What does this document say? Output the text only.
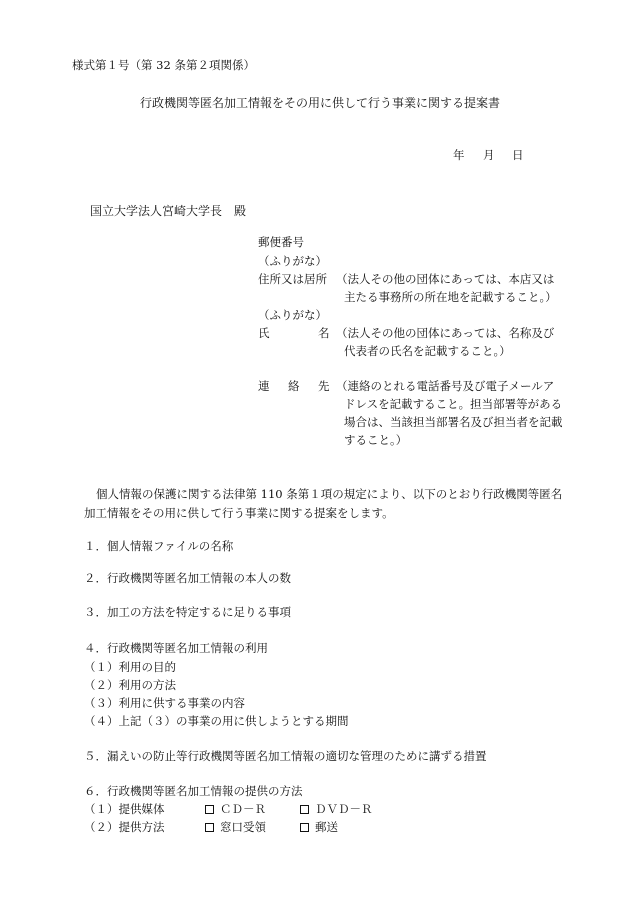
様式第１号（第 32 条第２項関係）
行政機関等匿名加工情報をその用に供して行う事業に関する提案書
年 月 日
国立大学法人宮崎大学長　殿
郵便番号
（ふりがな）
住所又は居所 （法人その他の団体にあっては、本店又は
主たる事務所の所在地を記載すること。）
（ふりがな）
氏	名 （法人その他の団体にあっては、名称及び
代表者の氏名を記載すること。）
連 絡 先 （連絡のとれる電話番号及び電子メールア
ドレスを記載すること。担当部署等がある
場合は、当該担当部署名及び担当者を記載
すること。）
個人情報の保護に関する法律第 110 条第１項の規定により、以下のとおり行政機関等匿名加工情報をその用に供して行う事業に関する提案をします。
１．個人情報ファイルの名称
２．行政機関等匿名加工情報の本人の数
３．加工の方法を特定するに足りる事項
４．行政機関等匿名加工情報の利用
（１）利用の目的
（２）利用の方法
（３）利用に供する事業の内容
（４）上記（３）の事業の用に供しようとする期間
５．漏えいの防止等行政機関等匿名加工情報の適切な管理のために講ずる措置
６．行政機関等匿名加工情報の提供の方法
（１）提供媒体	ＣＤ－Ｒ	ＤＶＤ－Ｒ
（２）提供方法	窓口受領	郵送
